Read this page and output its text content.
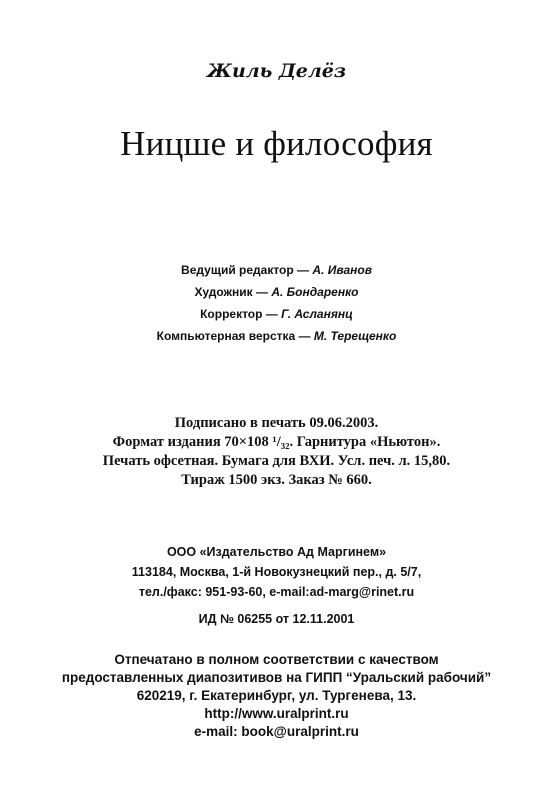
Жиль Делёз
Ницше и философия
Ведущий редактор — А. Иванов
Художник — А. Бондаренко
Корректор — Г. Асланянц
Компьютерная верстка — М. Терещенко
Подписано в печать 09.06.2003.
Формат издания 70×108 ¹/₃₂. Гарнитура «Ньютон».
Печать офсетная. Бумага для ВХИ. Усл. печ. л. 15,80.
Тираж 1500 экз. Заказ № 660.
ООО «Издательство Ад Маргинем»
113184, Москва, 1-й Новокузнецкий пер., д. 5/7,
тел./факс: 951-93-60, e-mail:ad-marg@rinet.ru
ИД № 06255 от 12.11.2001
Отпечатано в полном соответствии с качеством
предоставленных диапозитивов на ГИПП “Уральский рабочий”
620219, г. Екатеринбург, ул. Тургенева, 13.
http://www.uralprint.ru
e-mail: book@uralprint.ru
